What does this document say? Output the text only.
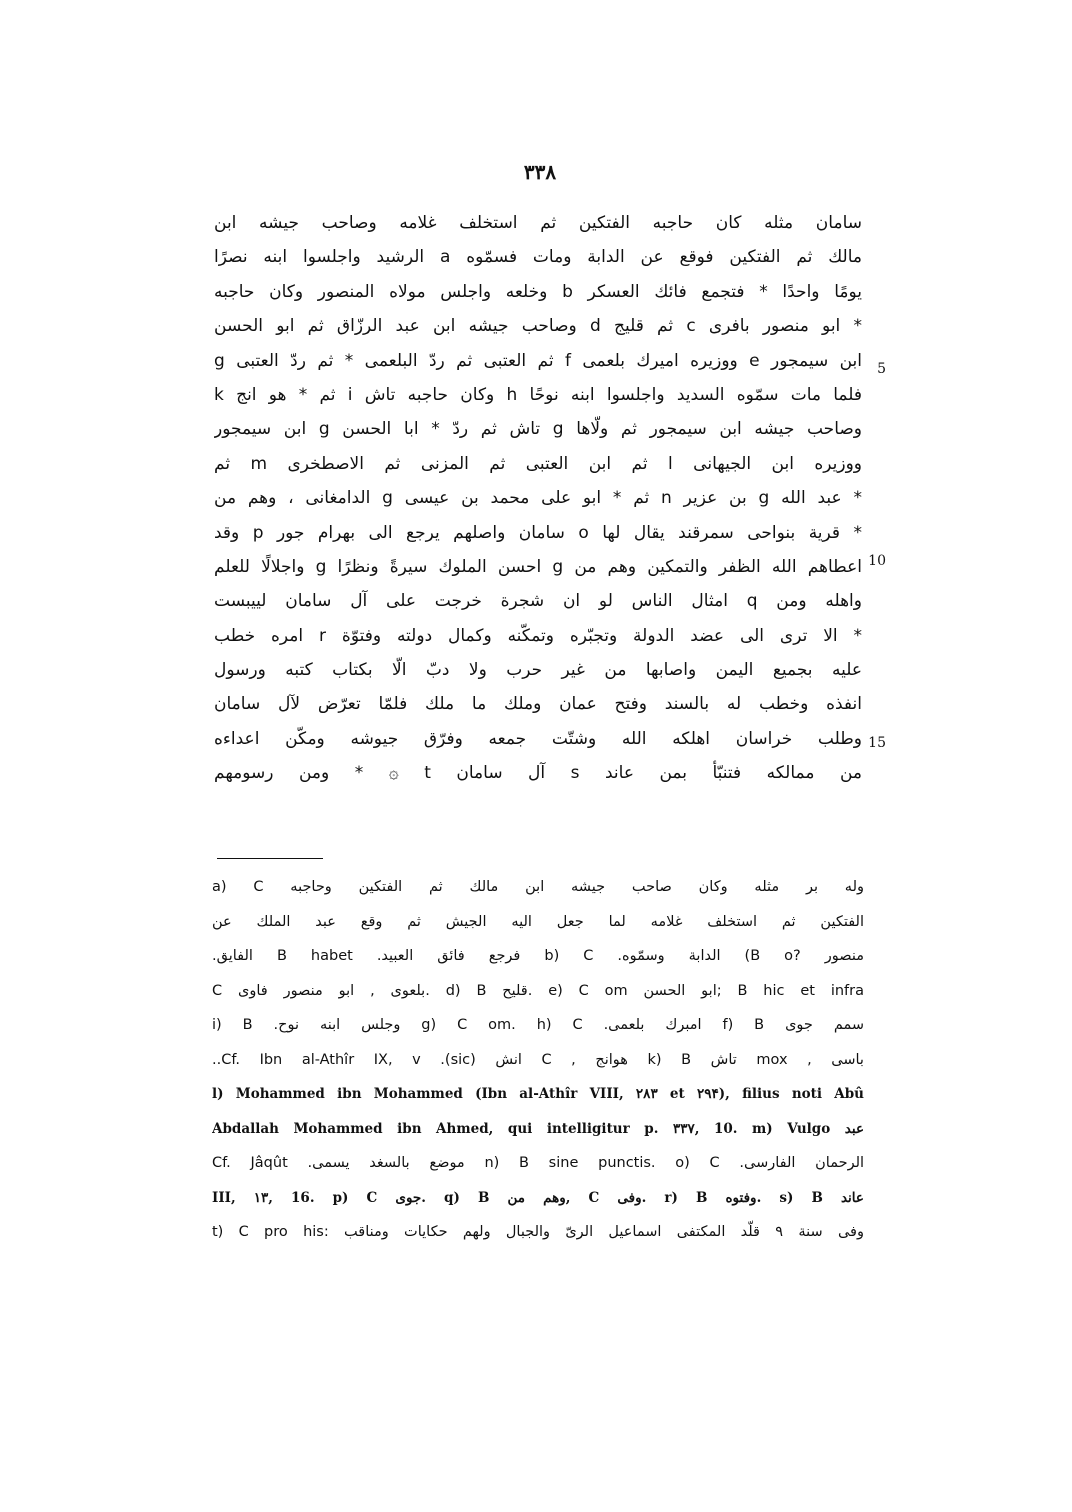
٣٣٨
سامان مثله كان حاجبه الفتكين ثم استخلف غلامه وصاحب جيشه ابن
مالك ثم الفتكين فوقع عن الدابة ومات فسمّوه a الرشيد واجلسوا ابنه نصرًا
يومًا واحدًا * فتجمع فائك العسكر b وخلعه واجلس مولاه المنصور وكان حاجبه
* ابو منصور بافرى c ثم قليج d وصاحب جيشه ابن عبد الرزّاق ثم ابو الحسن
ابن سيمجور e ووزيره اميرك بلعمى f ثم العتبى ثم ردّ البلعمى * ثم ردّ العتبى g
فلما مات سمّوه السديد واجلسوا ابنه نوحًا h وكان حاجبه تاش i ثم * هو انج k
وصاحب جيشه ابن سيمجور ثم ولّاها g تاش ثم ردّ * ابا الحسن g ابن سيمجور
ووزيره ابن الجيهانى l ثم ابن العتبى ثم المزنى ثم الاصطخرى m ثم
* عبد الله g بن عزير n ثم * ابو على محمد بن عيسى g الدامغانى ، وهم من
* قرية بنواحى سمرقند يقال لها o سامان واصلهم يرجع الى بهرام جور p وقد
اعطاهم الله الظفر والتمكين وهم من g احسن الملوك سيرةً ونظرًا g واجلالًا للعلم
واهله ومن q امثال الناس لو ان شجرة خرجت على آل سامان لييبست
* الا ترى الى عضد الدولة وتجبّره وتمكّنه وكمال دولته وفتوّة r امره خطب
عليه بجميع اليمن واصابها من غير حرب ولا دبّ الّا بكتاب كتبه ورسول
انفذه وخطب له بالسند وفتح عمان وملك ما ملك فلمّا تعرّض لآل سامان
وطلب خراسان اهلكه الله وشتّت جمعه وفرّق جيوشه ومكّن اعداءه
من ممالكه فتنبّأ بمن عاند s آل سامان t ۞ * ومن رسومهم
5
10
15
a) C وله بر مثله وكان صاحب جيشه ابن مالك ثم الفتكين وحاجبه
الفتكين ثم استخلف غلامه لما جعل اليه الجيش ثم وقع عبد الملك عن
منصور ?B o) الدابة وسمّوه. b) C فرجع فائق العبيد. B habet الفايق.
C بلعوى , ابو منصور فاوى. d) B قليح. e) C om ابو الحسن; B hic et infra
سمم جوى f) B امبرك بلعمى. g) C om. h) C وجلس ابنه نوح. i) B
باسى , mox تاش k) B هوانج , C انش (sic). Cf. Ibn al-Athîr IX, v..
l) Mohammed ibn Mohammed (Ibn al-Athîr VIII, ۲۸۳ et ۲۹۴), filius noti Abû
Abdallah Mohammed ibn Ahmed, qui intelligitur p. ۳۳۷, 10. m) Vulgo عبد
الرحمان الفارسى. n) B sine punctis. o) C موضع بالسغد يسمى. Cf. Jâqût
III, ۱۳, 16. p) C جوى. q) B وهم من, C وفى. r) B وفتوه. s) B عاند
t) C pro his: وفى سنة ۹ قلّد المكتفى اسماعيل الرىّ والجبال ولهم حكايات ومناقب
